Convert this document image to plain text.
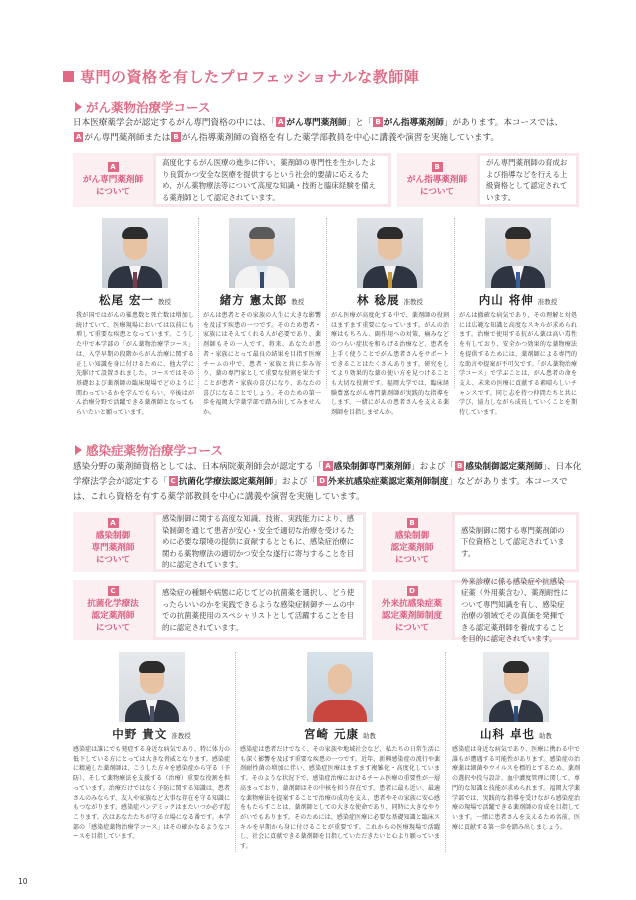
専門の資格を有したプロフェッショナルな教師陣
がん薬物治療学コース
日本医療薬学会が認定するがん専門資格の中には、「 A がん専門薬剤師」と「 B がん指導薬剤師」があります。本コースでは、
A がん専門薬剤師または B がん指導薬剤師の資格を有した薬学部教員を中心に講義や演習を実施しています。
A
がん専門薬剤師
について
高度化するがん医療の進歩に伴い、薬剤師の専門性を生かしたより良質かつ安全な医療を提供するという社会的要請に応えるため、がん薬物療法等について高度な知識・技術と臨床経験を備える薬剤師として認定されています。
B
がん指導薬剤師
について
がん専門薬剤師の育成および指導などを行える上級資格として認定されています。
松尾 宏一 教授
我が国ではがんの罹患数と死亡数は増加し続けていて、医療現場においては以前にも増して重要な疾患となっています。こうした中で本学部の「がん薬物治療学コース」は、入学早期の段階からがん治療に関する正しい知識を身に付けるために、他大学に先駆けて設置されました。コースではその基礎および薬剤師の臨床現場でどのように関わっているかを学んでもらい、卒後はがん治療分野で活躍できる薬剤師となってもらいたいと願っています。
緒方 憲太郎 教授
がんは患者とその家族の人生に大きな影響を及ぼす疾患の一つです。そのため患者・家族にはそえてくれる人が必要であり、薬剤師もその一人です。将来、あなたが患者・家族にとって最良の結果を目指す医療チームの中で、患者・家族と共に歩み寄り、薬の専門家として重要な役割を果たすことが患者・家族の喜びになり、あなたの喜びになることでしょう。そのための第一歩を福岡大学薬学部で踏み出してみませんか。
林 稔展 准教授
がん医療が高度化する中で、薬剤師の役割はますます重要になっています。がんの治療はもちろん、副作用への対策、痛みなどのつらい症状を和らげる治療など、患者を上手く使うことでがん患者さんをサポートできることはたくさんあります。研究をしてより効果的な薬の使い方を見つけることも大切な役割です。福岡大学では、臨床経験豊富ながん専門薬剤師が実践的な指導をします。一緒にがんの患者さんを支える薬剤師を目指しませんか。
内山 将伸 准教授
がんは撤確な病気であり、その理解と対処には広範な知識と高度なスキルが求められます。治療で使用する抗がん薬は高い毒性を有しており、安全かつ効果的な薬物療法を提供するためには、薬剤師による専門的な助言や提案が不可欠です。「がん薬物治療学コース」で学ぶことは、がん患者の命を支え、未来の医療に貢献する素晴らしいチャンスです。同じ志を持つ仲間たちと共に学び、協力しながら成長していくことを期待しています。
感染症薬物治療学コース
感染分野の薬剤師資格としては、日本病院薬剤師会が認定する「 A 感染制御専門薬剤師」および「 B 感染制御認定薬剤師」、日本化学療法学会が認定する「 C 抗菌化学療法認定薬剤師」および「 D 外来抗感染症薬認定薬剤師制度」などがあります。本コースでは、これら資格を有する薬学部教員を中心に講義や演習を実施しています。
A
感染制御
専門薬剤師
について
感染制御に関する高度な知識、技術、実践能力により、感染制御を通じて患者が安心・安全で適切な治療を受けるために必要な環境の提供に貢献するとともに、感染症治療に関わる薬物療法の適切かつ安全な遂行に寄与することを目的に認定されています。
B
感染制御
認定薬剤師
について
感染制御に関する専門薬剤師の下位資格として認定されています。
C
抗菌化学療法
認定薬剤師
について
感染症の種類や病態に応じてどの抗菌薬を選択し、どう使ったらいいのかを実践できるような感染症制御チームの中での抗菌薬使用のスペシャリストとして活躍することを目的に認定されています。
D
外来抗感染症薬
認定薬剤師制度
について
外来診療に係る感染症や抗感染症薬（外用薬含む）、薬剤耐性について専門知識を有し、感染症治療の領域でその真価を発揮できる認定薬剤師を養成することを目的に認定されています。
中野 貴文 准教授
感染症は誰にでも発症する身近な病気であり、特に体力の低下している方にとっては大きな脅威となります。感染症に精通した薬剤師は、こうした方々を感染症から守る（予防）、そして薬物療法を支援する（治療）重要な役割を担っています。治療だけではなく予防に関する知識は、患者さんのみならず、友人や家族など大事な存在を守る知識にもつながります。感染症パンデミックはまたいつか必ず起こります。次はあなたたちが守る立場になる番です。本学部の「感染症薬物治療学コース」はその確かなるようなコースを目指しています。
宮崎 元康 助教
感染症は患者だけでなく、その家族や地域社会など、私たちの日常生活にも深く影響を及ぼす重要な疾患の一つです。近年、新興感染症の流行や薬剤耐性菌の増加に伴い、感染症医療はますます複雑化・高度化しています。そのような状況下で、感染症治療におけるチーム医療の重要性が一層高まっており、薬剤師はその中核を担う存在です。患者に最も近い、最適な薬物療法を提案することで治療の成功を支え、患者やその家族に安心感をもたらすことは、薬剤師としての大きな使命であり、同時に大きなやりがいでもあります。そのためには、感染症医療に必要な基礎知識と臨床スキルを早期から身に付けることが重要です。これからの医療現場で活躍し、社会に貢献できる薬剤師を目指していただきたいと心より願っています。
山科 卓也 助教
感染症は身近な病気であり、医療に携わる中で誰もが遭遇する可能性があります。感染症の治療薬は細菌やウイルスを標的とするため、薬剤の選択や投与設計、血中濃度管理に関して、専門的な知識と技能が求められます。福岡大学薬学部では、実践的な指導を受けながら感染症治療の現場で活躍できる薬剤師の育成を目指しています。一緒に患者さんを支えるため名前、医療に貢献する第一歩を踏み出しましょう。
10
